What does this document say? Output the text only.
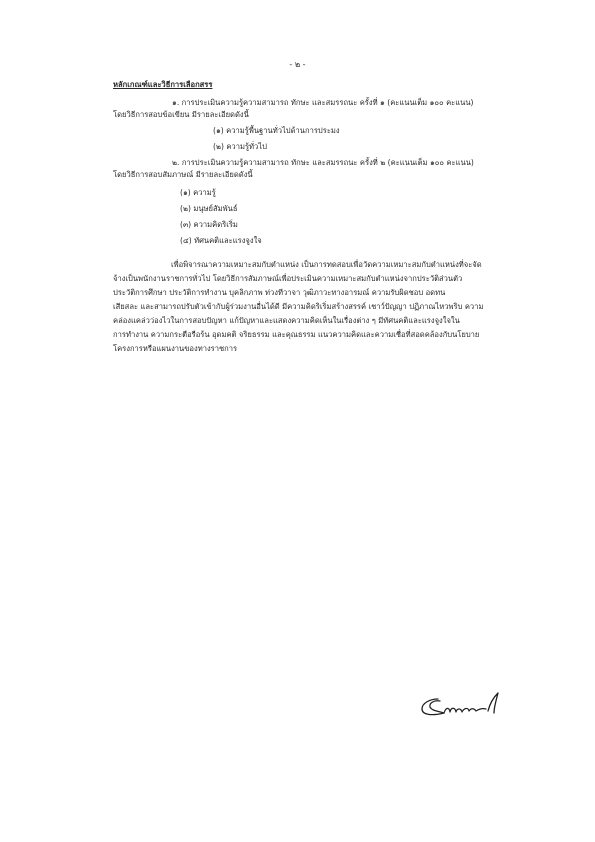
- ๒ -
หลักเกณฑ์และวิธีการเลือกสรร
๑. การประเมินความรู้ความสามารถ ทักษะ และสมรรถนะ ครั้งที่ ๑ (คะแนนเต็ม ๑๐๐ คะแนน)
โดยวิธีการสอบข้อเขียน มีรายละเอียดดังนี้
(๑) ความรู้พื้นฐานทั่วไปด้านการประมง
(๒) ความรู้ทั่วไป
๒. การประเมินความรู้ความสามารถ ทักษะ และสมรรถนะ ครั้งที่ ๒ (คะแนนเต็ม ๑๐๐ คะแนน)
โดยวิธีการสอบสัมภาษณ์ มีรายละเอียดดังนี้
(๑) ความรู้
(๒) มนุษย์สัมพันธ์
(๓) ความคิดริเริ่ม
(๔) ทัศนคติและแรงจูงใจ
เพื่อพิจารณาความเหมาะสมกับตำแหน่ง เป็นการทดสอบเพื่อวัดความเหมาะสมกับตำแหน่งที่จะจัด
จ้างเป็นพนักงานราชการทั่วไป โดยวิธีการสัมภาษณ์เพื่อประเมินความเหมาะสมกับตำแหน่งจากประวัติส่วนตัว
ประวัติการศึกษา ประวัติการทำงาน บุคลิกภาพ ท่วงทีวาจา วุฒิภาวะทางอารมณ์ ความรับผิดชอบ อดทน
เสียสละ และสามารถปรับตัวเข้ากับผู้ร่วมงานอื่นได้ดี มีความคิดริเริ่มสร้างสรรค์ เชาว์ปัญญา ปฏิภาณไหวพริบ ความ
คล่องแคล่วว่องไวในการสอบปัญหา แก้ปัญหาและแสดงความคิดเห็นในเรื่องต่าง ๆ มีทัศนคติและแรงจูงใจใน
การทำงาน ความกระตือรือร้น อุดมคติ จริยธรรม และคุณธรรม แนวความคิดและความเชื่อที่สอดคล้องกับนโยบาย
โครงการหรือแผนงานของทางราชการ
